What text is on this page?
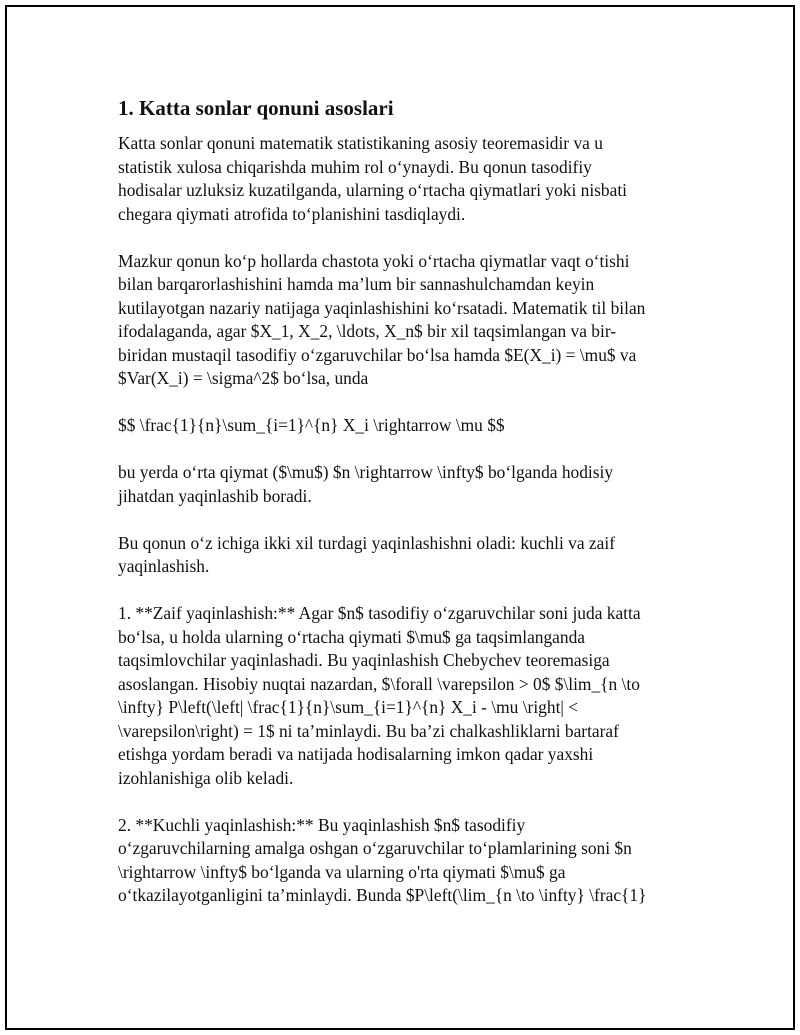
1. Katta sonlar qonuni asoslari

Katta sonlar qonuni matematik statistikaning asosiy teoremasidir va u
statistik xulosa chiqarishda muhim rol oʻynaydi. Bu qonun tasodifiy
hodisalar uzluksiz kuzatilganda, ularning oʻrtacha qiymatlari yoki nisbati
chegara qiymati atrofida toʻplanishini tasdiqlaydi.

Mazkur qonun koʻp hollarda chastota yoki oʻrtacha qiymatlar vaqt oʻtishi
bilan barqarorlashishini hamda maʼlum bir sannashulchamdan keyin
kutilayotgan nazariy natijaga yaqinlashishini koʻrsatadi. Matematik til bilan
ifodalaganda, agar $X_1, X_2, \ldots, X_n$ bir xil taqsimlangan va bir-
biridan mustaqil tasodifiy oʻzgaruvchilar boʻlsa hamda $E(X_i) = \mu$ va
$Var(X_i) = \sigma^2$ boʻlsa, unda

$$ \frac{1}{n}\sum_{i=1}^{n} X_i \rightarrow \mu $$

bu yerda oʻrta qiymat ($\mu$) $n \rightarrow \infty$ boʻlganda hodisiy
jihatdan yaqinlashib boradi.

Bu qonun oʻz ichiga ikki xil turdagi yaqinlashishni oladi: kuchli va zaif
yaqinlashish.

1. **Zaif yaqinlashish:** Agar $n$ tasodifiy oʻzgaruvchilar soni juda katta
boʻlsa, u holda ularning oʻrtacha qiymati $\mu$ ga taqsimlanganda
taqsimlovchilar yaqinlashadi. Bu yaqinlashish Chebychev teoremasiga
asoslangan. Hisobiy nuqtai nazardan, $\forall \varepsilon > 0$ $\lim_{n \to
\infty} P\left(\left| \frac{1}{n}\sum_{i=1}^{n} X_i - \mu \right| <
\varepsilon\right) = 1$ ni taʼminlaydi. Bu baʼzi chalkashliklarni bartaraf
etishga yordam beradi va natijada hodisalarning imkon qadar yaxshi
izohlanishiga olib keladi.

2. **Kuchli yaqinlashish:** Bu yaqinlashish $n$ tasodifiy
oʻzgaruvchilarning amalga oshgan oʻzgaruvchilar toʻplamlarining soni $n
\rightarrow \infty$ boʻlganda va ularning o'rta qiymati $\mu$ ga
oʻtkazilayotganligini taʼminlaydi. Bunda $P\left(\lim_{n \to \infty} \frac{1}
